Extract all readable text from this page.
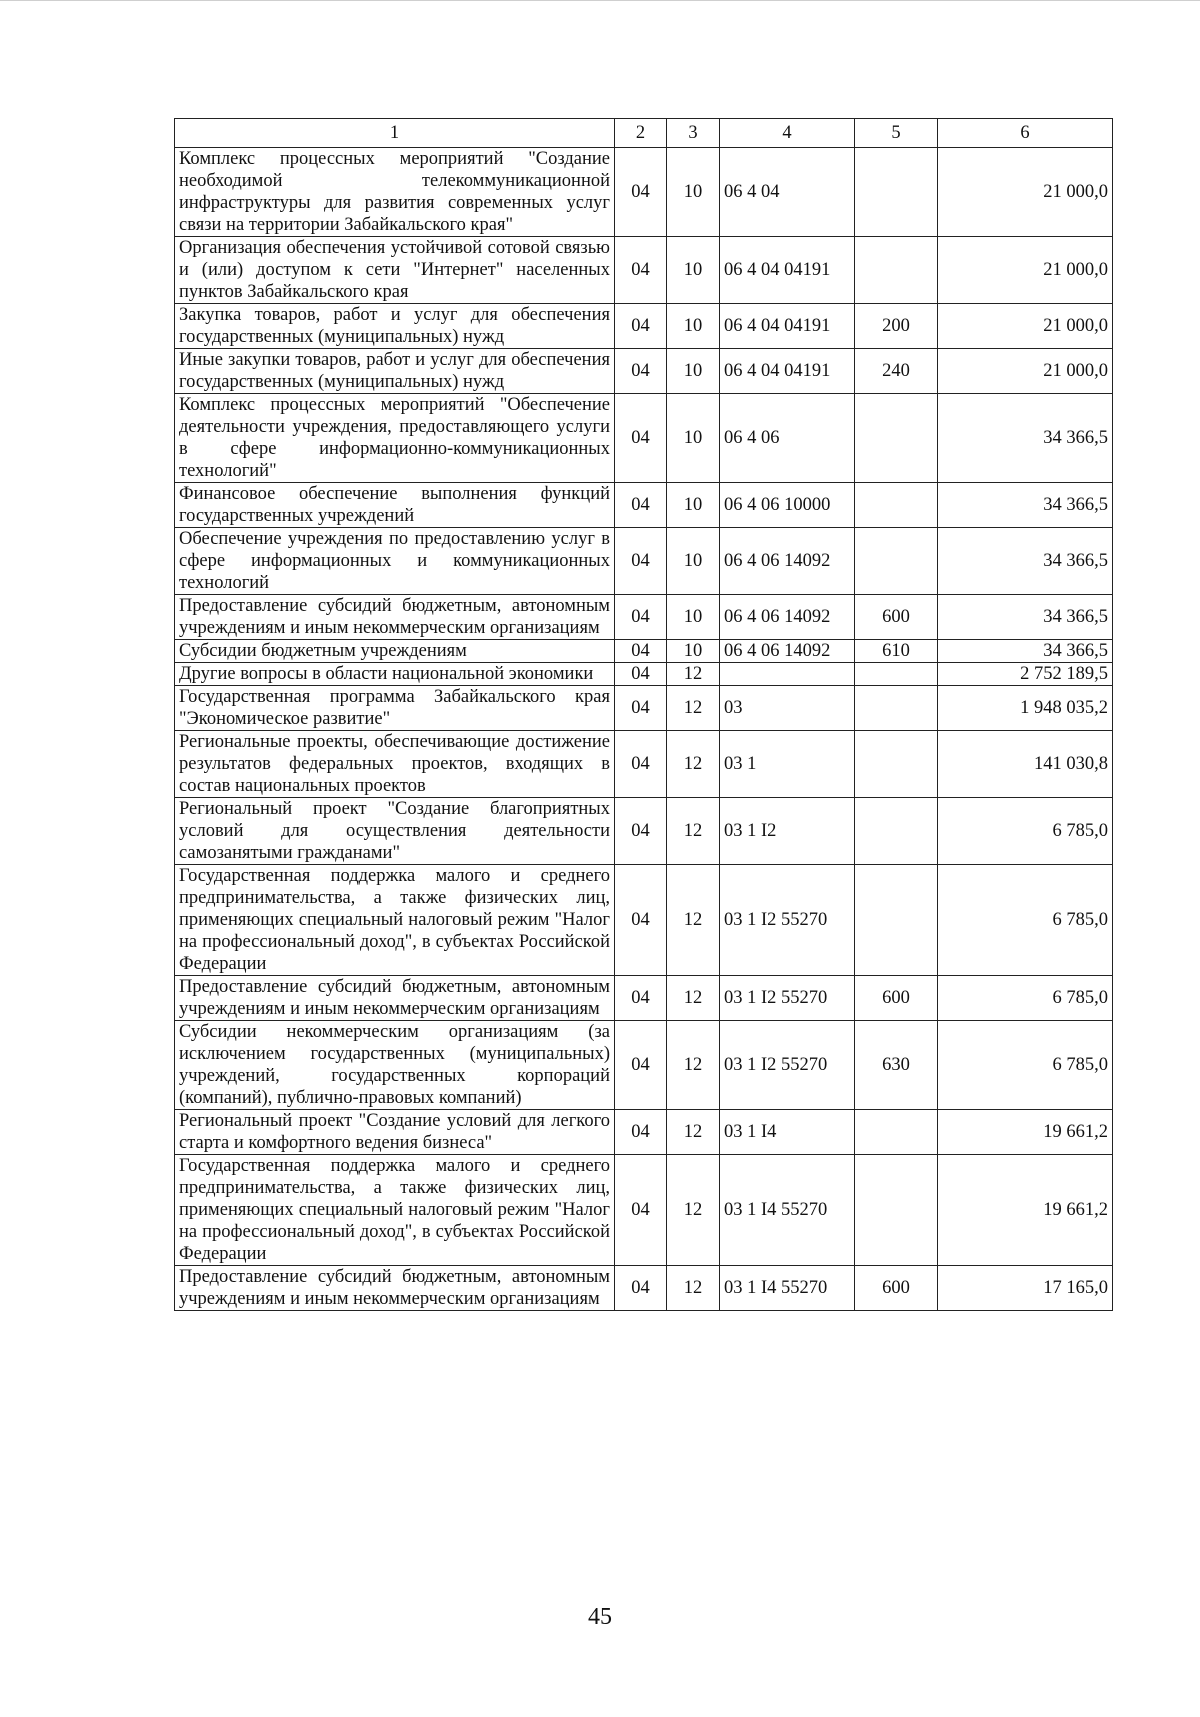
1	2	3	4	5	6
Комплекс процессных мероприятий "Создание необходимой телекоммуникационной инфраструктуры для развития современных услуг связи на территории Забайкальского края"	04	10	06 4 04		21 000,0
Организация обеспечения устойчивой сотовой связью и (или) доступом к сети "Интернет" населенных пунктов Забайкальского края	04	10	06 4 04 04191		21 000,0
Закупка товаров, работ и услуг для обеспечения государственных (муниципальных) нужд	04	10	06 4 04 04191	200	21 000,0
Иные закупки товаров, работ и услуг для обеспечения государственных (муниципальных) нужд	04	10	06 4 04 04191	240	21 000,0
Комплекс процессных мероприятий "Обеспечение деятельности учреждения, предоставляющего услуги в сфере информационно-коммуникационных технологий"	04	10	06 4 06		34 366,5
Финансовое обеспечение выполнения функций государственных учреждений	04	10	06 4 06 10000		34 366,5
Обеспечение учреждения по предоставлению услуг в сфере информационных и коммуникационных технологий	04	10	06 4 06 14092		34 366,5
Предоставление субсидий бюджетным, автономным учреждениям и иным некоммерческим организациям	04	10	06 4 06 14092	600	34 366,5
Субсидии бюджетным учреждениям	04	10	06 4 06 14092	610	34 366,5
Другие вопросы в области национальной экономики	04	12			2 752 189,5
Государственная программа Забайкальского края "Экономическое развитие"	04	12	03		1 948 035,2
Региональные проекты, обеспечивающие достижение результатов федеральных проектов, входящих в состав национальных проектов	04	12	03 1		141 030,8
Региональный проект "Создание благоприятных условий для осуществления деятельности самозанятыми гражданами"	04	12	03 1 I2		6 785,0
Государственная поддержка малого и среднего предпринимательства, а также физических лиц, применяющих специальный налоговый режим "Налог на профессиональный доход", в субъектах Российской Федерации	04	12	03 1 I2 55270		6 785,0
Предоставление субсидий бюджетным, автономным учреждениям и иным некоммерческим организациям	04	12	03 1 I2 55270	600	6 785,0
Субсидии некоммерческим организациям (за исключением государственных (муниципальных) учреждений, государственных корпораций (компаний), публично-правовых компаний)	04	12	03 1 I2 55270	630	6 785,0
Региональный проект "Создание условий для легкого старта и комфортного ведения бизнеса"	04	12	03 1 I4		19 661,2
Государственная поддержка малого и среднего предпринимательства, а также физических лиц, применяющих специальный налоговый режим "Налог на профессиональный доход", в субъектах Российской Федерации	04	12	03 1 I4 55270		19 661,2
Предоставление субсидий бюджетным, автономным учреждениям и иным некоммерческим организациям	04	12	03 1 I4 55270	600	17 165,0
45
